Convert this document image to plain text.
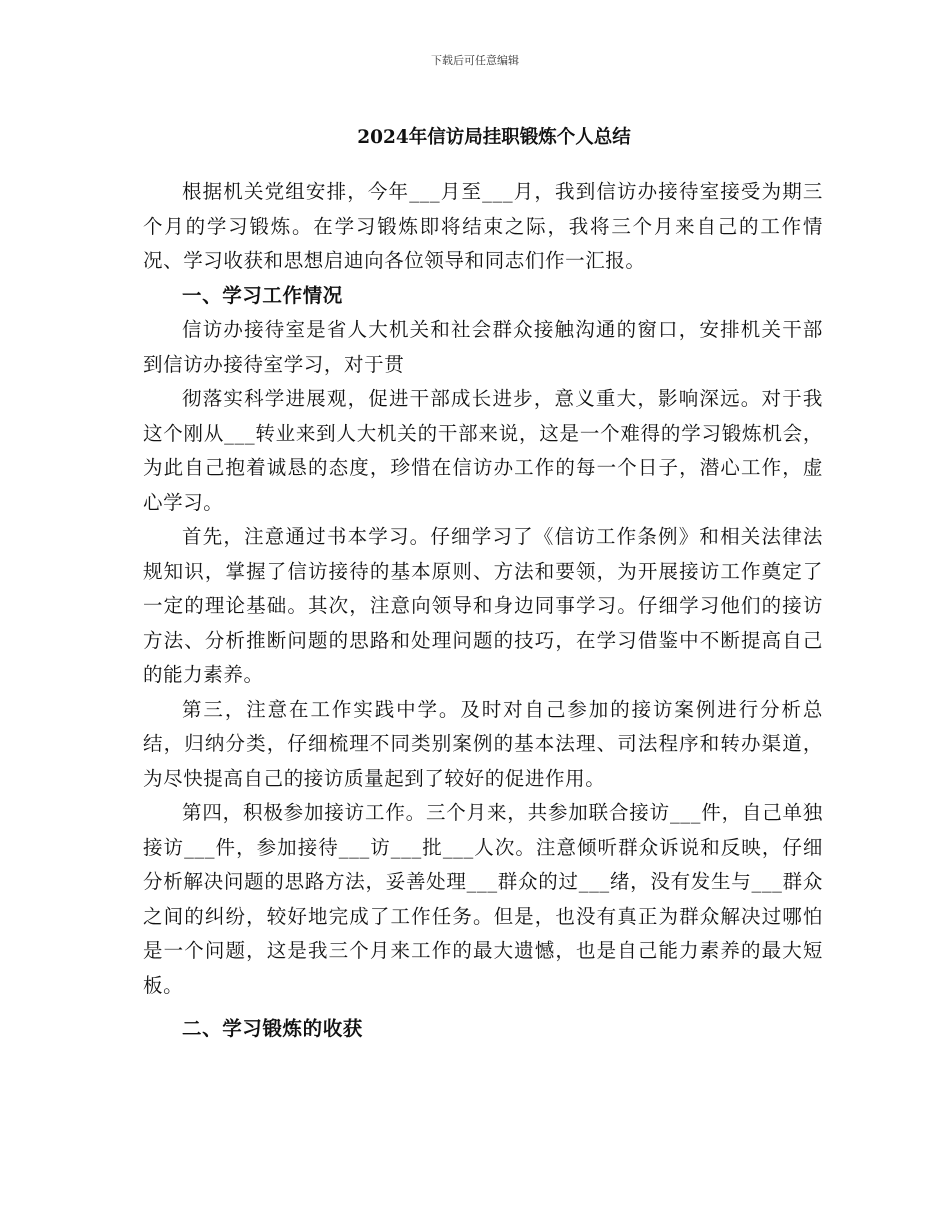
下载后可任意编辑
2024年信访局挂职锻炼个人总结

根据机关党组安排，今年___月至___月，我到信访办接待室接受为期三个月的学习锻炼。在学习锻炼即将结束之际，我将三个月来自己的工作情况、学习收获和思想启迪向各位领导和同志们作一汇报。

一、学习工作情况

信访办接待室是省人大机关和社会群众接触沟通的窗口，安排机关干部到信访办接待室学习，对于贯

彻落实科学进展观，促进干部成长进步，意义重大，影响深远。对于我这个刚从___转业来到人大机关的干部来说，这是一个难得的学习锻炼机会，为此自己抱着诚恳的态度，珍惜在信访办工作的每一个日子，潜心工作，虚心学习。

首先，注意通过书本学习。仔细学习了《信访工作条例》和相关法律法规知识，掌握了信访接待的基本原则、方法和要领，为开展接访工作奠定了一定的理论基础。其次，注意向领导和身边同事学习。仔细学习他们的接访方法、分析推断问题的思路和处理问题的技巧，在学习借鉴中不断提高自己的能力素养。

第三，注意在工作实践中学。及时对自己参加的接访案例进行分析总结，归纳分类，仔细梳理不同类别案例的基本法理、司法程序和转办渠道，为尽快提高自己的接访质量起到了较好的促进作用。

第四，积极参加接访工作。三个月来，共参加联合接访___件，自己单独接访___件，参加接待___访___批___人次。注意倾听群众诉说和反映，仔细分析解决问题的思路方法，妥善处理___群众的过___绪，没有发生与___群众之间的纠纷，较好地完成了工作任务。但是，也没有真正为群众解决过哪怕是一个问题，这是我三个月来工作的最大遗憾，也是自己能力素养的最大短板。

二、学习锻炼的收获
